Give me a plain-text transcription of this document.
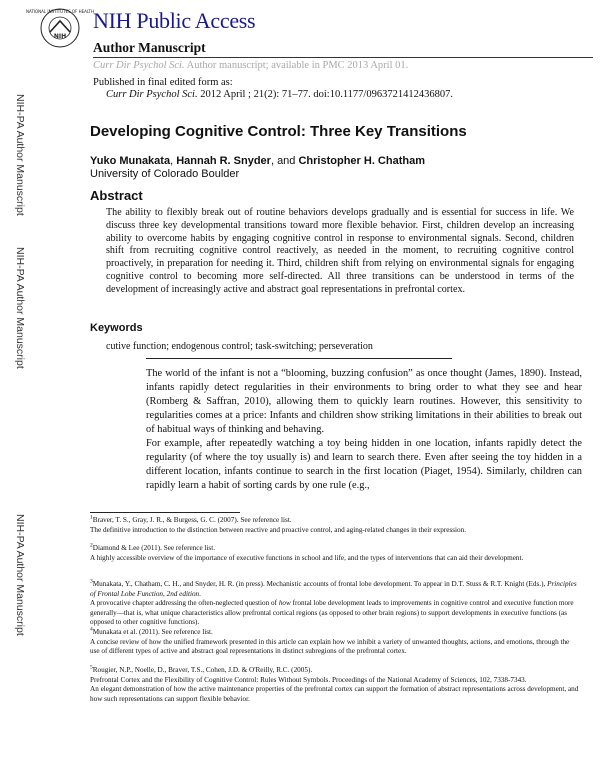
NATIONAL INSTITUTES OF HEALTH
NIH
NIH Public Access
Author Manuscript
Curr Dir Psychol Sci. Author manuscript; available in PMC 2013 April 01.
Published in final edited form as:
Curr Dir Psychol Sci. 2012 April ; 21(2): 71–77. doi:10.1177/0963721412436807.
NIH-PA Author Manuscript
NIH-PA Author Manuscript
NIH-PA Author Manuscript
Developing Cognitive Control: Three Key Transitions
Yuko Munakata, Hannah R. Snyder, and Christopher H. Chatham
University of Colorado Boulder
Abstract
The ability to flexibly break out of routine behaviors develops gradually and is essential for success in life. We discuss three key developmental transitions toward more flexible behavior. First, children develop an increasing ability to overcome habits by engaging cognitive control in response to environmental signals. Second, children shift from recruiting cognitive control reactively, as needed in the moment, to recruiting cognitive control proactively, in preparation for needing it. Third, children shift from relying on environmental signals for engaging cognitive control to becoming more self-directed. All three transitions can be understood in terms of the development of increasingly active and abstract goal representations in prefrontal cortex.
Keywords
cutive function; endogenous control; task-switching; perseveration
The world of the infant is not a “blooming, buzzing confusion” as once thought (James, 1890). Instead, infants rapidly detect regularities in their environments to bring order to what they see and hear (Romberg & Saffran, 2010), allowing them to quickly learn routines. However, this sensitivity to regularities comes at a price: Infants and children show striking limitations in their abilities to break out of habitual ways of thinking and behaving.
For example, after repeatedly watching a toy being hidden in one location, infants rapidly detect the regularity (of where the toy usually is) and learn to search there. Even after seeing the toy hidden in a different location, infants continue to search in the first location (Piaget, 1954). Similarly, children can rapidly learn a habit of sorting cards by one rule (e.g.,
$^1$Braver, T. S., Gray, J. R., & Burgess, G. C. (2007). See reference list.
The definitive introduction to the distinction between reactive and proactive control, and aging-related changes in their expression.
$^2$Diamond & Lee (2011). See reference list.
A highly accessible overview of the importance of executive functions in school and life, and the types of interventions that can aid their development.
$^3$Munakata, Y., Chatham, C. H., and Snyder, H. R. (in press). Mechanistic accounts of frontal lobe development. To appear in D.T. Stuss & R.T. Knight (Eds.), Principles of Frontal Lobe Function, 2nd edition.
A provocative chapter addressing the often-neglected question of how frontal lobe development leads to improvements in cognitive control and executive function more generally—that is, what unique characteristics allow prefrontal cortical regions (as opposed to other brain regions) to support developments in executive functions (as opposed to other cognitive functions).
$^4$Munakata et al. (2011). See reference list.
A concise review of how the unified framework presented in this article can explain how we inhibit a variety of unwanted thoughts, actions, and emotions, through the use of different types of active and abstract goal representations in distinct subregions of the prefrontal cortex.
$^5$Rougier, N.P., Noelle, D., Braver, T.S., Cohen, J.D. & O'Reilly, R.C. (2005).
Prefrontal Cortex and the Flexibility of Cognitive Control: Rules Without Symbols. Proceedings of the National Academy of Sciences, 102, 7338-7343.
An elegant demonstration of how the active maintenance properties of the prefrontal cortex can support the formation of abstract representations across development, and how such representations can support flexible behavior.
